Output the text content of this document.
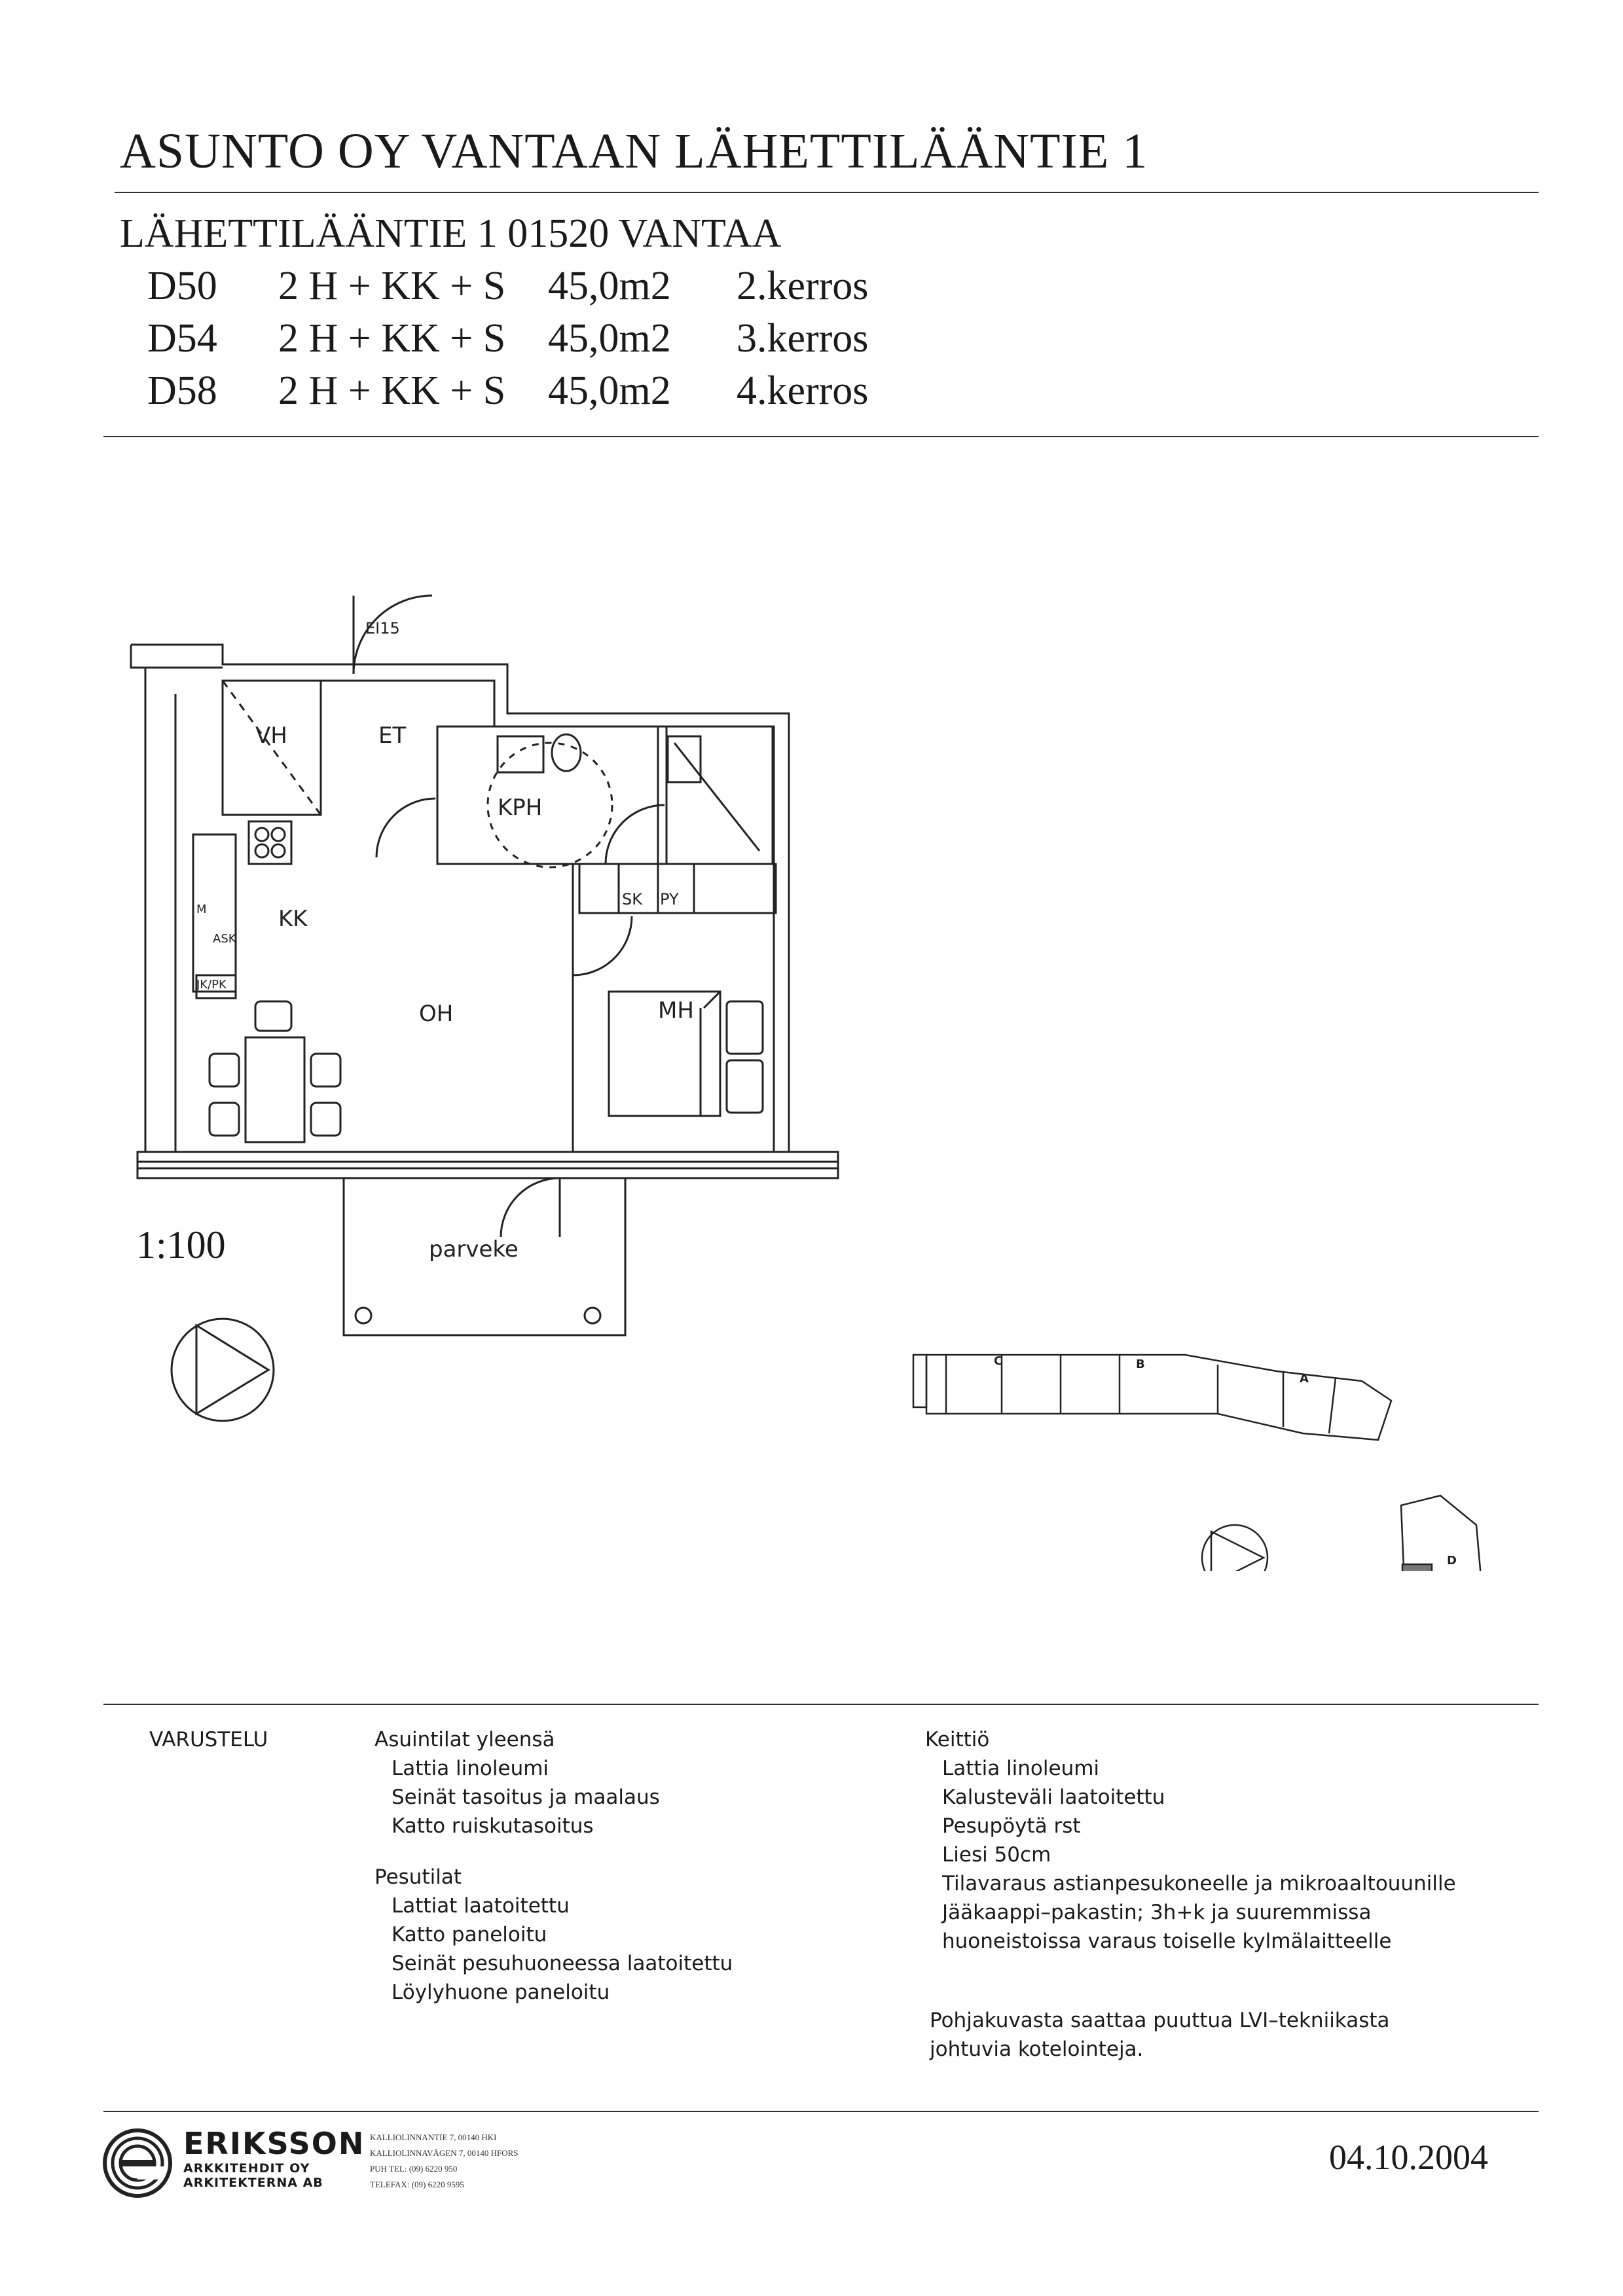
ASUNTO OY VANTAAN LÄHETTILÄÄNTIE 1
LÄHETTILÄÄNTIE 1 01520 VANTAA
D50 2 H + KK + S 45,0m2 2.kerros
D54 2 H + KK + S 45,0m2 3.kerros
D58 2 H + KK + S 45,0m2 4.kerros
VH	ET
KPH
KK
OH	MH
parveke
SK PY
EI15
JK/PK
ASK
M
C	B
A
D
1:100
VARUSTELU	Asuintilat yleensä
Lattia linoleumi
Seinät tasoitus ja maalaus
Katto ruiskutasoitus
Pesutilat
Lattiat laatoitettu
Katto paneloitu
Seinät pesuhuoneessa laatoitettu
Löylyhuone paneloitu
Keittiö
Lattia linoleumi
Kalusteväli laatoitettu
Pesupöytä rst
Liesi 50cm
Tilavaraus astianpesukoneelle ja mikroaaltouunille
Jääkaappi–pakastin; 3h+k ja suuremmissa
huoneistoissa varaus toiselle kylmälaitteelle
Pohjakuvasta saattaa puuttua LVI–tekniikasta
johtuvia kotelointeja.
ERIKSSON
ARKKITEHDIT OY
ARKITEKTERNA AB
KALLIOLINNANTIE 7, 00140 HKI
KALLIOLINNAVÄGEN 7, 00140 HFORS
PUH TEL: (09) 6220 950
TELEFAX: (09) 6220 9595
04.10.2004
